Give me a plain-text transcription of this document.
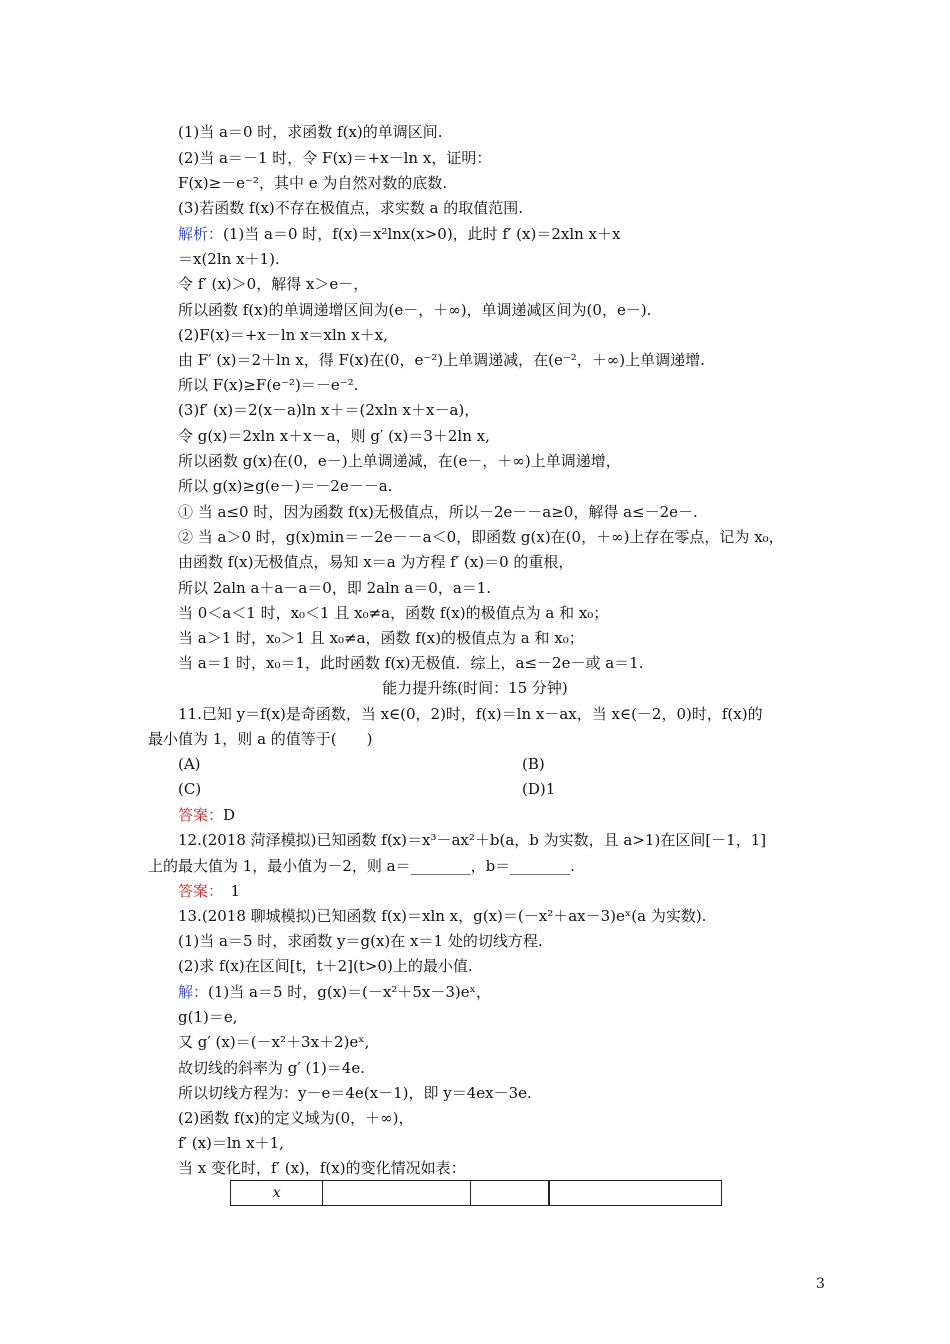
(1)当 a＝0 时，求函数 f(x)的单调区间.
(2)当 a＝－1 时，令 F(x)＝+x－ln x，证明：
F(x)≥－e⁻²，其中 e 为自然对数的底数.
(3)若函数 f(x)不存在极值点，求实数 a 的取值范围.
解析：(1)当 a＝0 时，f(x)＝x²lnx(x>0)，此时 f′ (x)＝2xln x＋x
＝x(2ln x＋1).
令 f′ (x)＞0，解得 x＞e－，
所以函数 f(x)的单调递增区间为(e－，＋∞)，单调递减区间为(0，e－).
(2)F(x)＝+x－ln x＝xln x＋x,
由 F′ (x)＝2＋ln x，得 F(x)在(0，e⁻²)上单调递减，在(e⁻²，＋∞)上单调递增.
所以 F(x)≥F(e⁻²)＝－e⁻².
(3)f′ (x)＝2(x－a)ln x＋＝(2xln x＋x－a)，
令 g(x)＝2xln x＋x－a，则 g′ (x)＝3＋2ln x,
所以函数 g(x)在(0，e－)上单调递减，在(e－，＋∞)上单调递增，
所以 g(x)≥g(e－)＝－2e－－a.
① 当 a≤0 时，因为函数 f(x)无极值点，所以－2e－－a≥0，解得 a≤－2e－.
② 当 a＞0 时，g(x)min＝－2e－－a＜0，即函数 g(x)在(0，＋∞)上存在零点，记为 x₀，
由函数 f(x)无极值点，易知 x＝a 为方程 f′ (x)＝0 的重根，
所以 2aln a＋a－a＝0，即 2aln a＝0，a＝1.
当 0＜a＜1 时，x₀＜1 且 x₀≠a，函数 f(x)的极值点为 a 和 x₀；
当 a＞1 时，x₀＞1 且 x₀≠a，函数 f(x)的极值点为 a 和 x₀；
当 a＝1 时，x₀＝1，此时函数 f(x)无极值．综上，a≤－2e－或 a＝1.
11.已知 y＝f(x)是奇函数，当 x∈(0，2)时，f(x)＝ln x－ax，当 x∈(－2，0)时，f(x)的
最小值为 1，则 a 的值等于(　　)
答案：D
12.(2018 菏泽模拟)已知函数 f(x)＝x³－ax²＋b(a，b 为实数，且 a>1)在区间[－1，1]
上的最大值为 1，最小值为－2，则 a＝________，b＝________.
答案：　1
13.(2018 聊城模拟)已知函数 f(x)＝xln x，g(x)＝(－x²＋ax－3)eˣ(a 为实数).
(1)当 a＝5 时，求函数 y＝g(x)在 x＝1 处的切线方程.
(2)求 f(x)在区间[t，t＋2](t>0)上的最小值.
解：(1)当 a＝5 时，g(x)＝(－x²＋5x－3)eˣ，
g(1)＝e,
又 g′ (x)＝(－x²＋3x＋2)eˣ,
故切线的斜率为 g′ (1)＝4e.
所以切线方程为：y－e＝4e(x－1)，即 y＝4ex－3e.
(2)函数 f(x)的定义域为(0，＋∞)，
f′ (x)＝ln x＋1,
当 x 变化时，f′ (x)，f(x)的变化情况如表：
(A)	(B)
(C)	(D)1
能力提升练(时间：15 分钟)
x				
3
